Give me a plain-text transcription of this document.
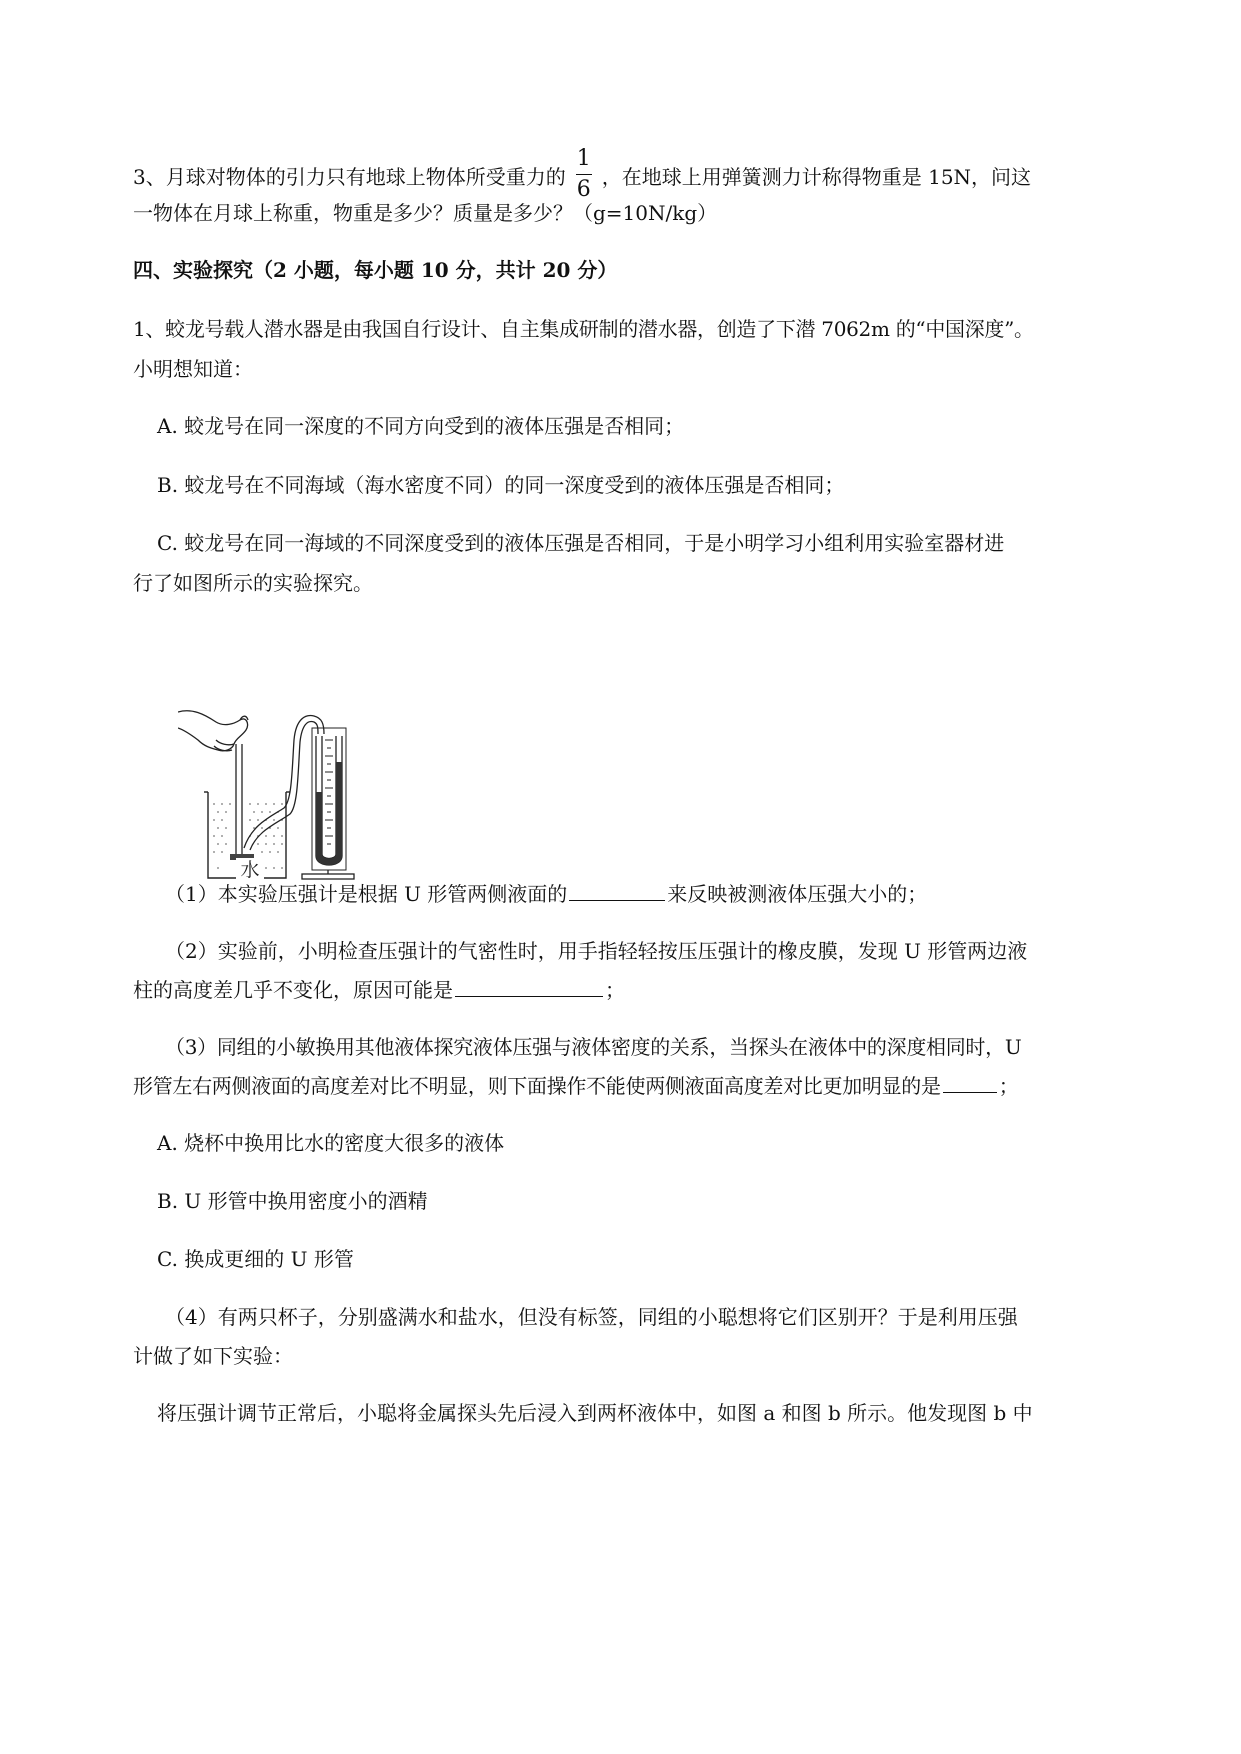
3、月球对物体的引力只有地球上物体所受重力的 $\frac{1}{6}$ ，在地球上用弹簧测力计称得物重是 15N，问这
一物体在月球上称重，物重是多少？质量是多少？（g=10N/kg）
四、实验探究（2 小题，每小题 10 分，共计 20 分）
1、蛟龙号载人潜水器是由我国自行设计、自主集成研制的潜水器，创造了下潜 7062m 的“中国深度”。
小明想知道：
A. 蛟龙号在同一深度的不同方向受到的液体压强是否相同；
B. 蛟龙号在不同海域（海水密度不同）的同一深度受到的液体压强是否相同；
C. 蛟龙号在同一海域的不同深度受到的液体压强是否相同，于是小明学习小组利用实验室器材进
行了如图所示的实验探究。
水
（1）本实验压强计是根据 U 形管两侧液面的	来反映被测液体压强大小的；
（2）实验前，小明检查压强计的气密性时，用手指轻轻按压压强计的橡皮膜，发现 U 形管两边液
柱的高度差几乎不变化，原因可能是	；
（3）同组的小敏换用其他液体探究液体压强与液体密度的关系，当探头在液体中的深度相同时，U
形管左右两侧液面的高度差对比不明显，则下面操作不能使两侧液面高度差对比更加明显的是	；
A. 烧杯中换用比水的密度大很多的液体
B. U 形管中换用密度小的酒精
C. 换成更细的 U 形管
（4）有两只杯子，分别盛满水和盐水，但没有标签，同组的小聪想将它们区别开？于是利用压强
计做了如下实验：
将压强计调节正常后，小聪将金属探头先后浸入到两杯液体中，如图 a 和图 b 所示。他发现图 b 中
